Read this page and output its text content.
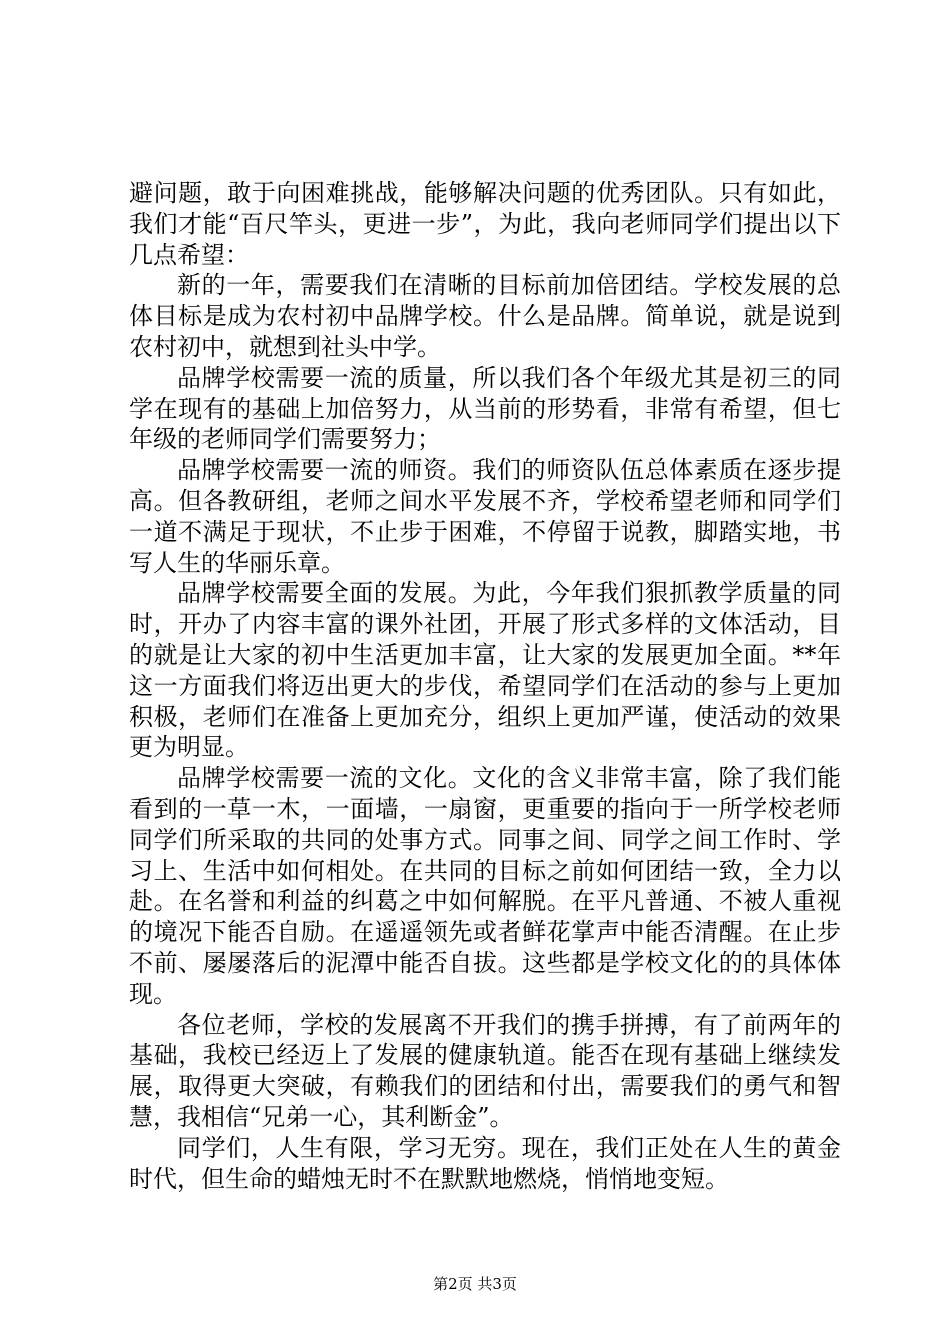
避问题，敢于向困难挑战，能够解决问题的优秀团队。只有如此，我们才能“百尺竿头，更进一步”，为此，我向老师同学们提出以下几点希望：

新的一年，需要我们在清晰的目标前加倍团结。学校发展的总体目标是成为农村初中品牌学校。什么是品牌。简单说，就是说到农村初中，就想到社头中学。

品牌学校需要一流的质量，所以我们各个年级尤其是初三的同学在现有的基础上加倍努力，从当前的形势看，非常有希望，但七年级的老师同学们需要努力；

品牌学校需要一流的师资。我们的师资队伍总体素质在逐步提高。但各教研组，老师之间水平发展不齐，学校希望老师和同学们一道不满足于现状，不止步于困难，不停留于说教，脚踏实地，书写人生的华丽乐章。

品牌学校需要全面的发展。为此，今年我们狠抓教学质量的同时，开办了内容丰富的课外社团，开展了形式多样的文体活动，目的就是让大家的初中生活更加丰富，让大家的发展更加全面。**年这一方面我们将迈出更大的步伐，希望同学们在活动的参与上更加积极，老师们在准备上更加充分，组织上更加严谨，使活动的效果更为明显。

品牌学校需要一流的文化。文化的含义非常丰富，除了我们能看到的一草一木，一面墙，一扇窗，更重要的指向于一所学校老师同学们所采取的共同的处事方式。同事之间、同学之间工作时、学习上、生活中如何相处。在共同的目标之前如何团结一致，全力以赴。在名誉和利益的纠葛之中如何解脱。在平凡普通、不被人重视的境况下能否自励。在遥遥领先或者鲜花掌声中能否清醒。在止步不前、屡屡落后的泥潭中能否自拔。这些都是学校文化的的具体体现。

各位老师，学校的发展离不开我们的携手拼搏，有了前两年的基础，我校已经迈上了发展的健康轨道。能否在现有基础上继续发展，取得更大突破，有赖我们的团结和付出，需要我们的勇气和智慧，我相信“兄弟一心，其利断金”。

同学们，人生有限，学习无穷。现在，我们正处在人生的黄金时代，但生命的蜡烛无时不在默默地燃烧，悄悄地变短。

第2页 共3页
